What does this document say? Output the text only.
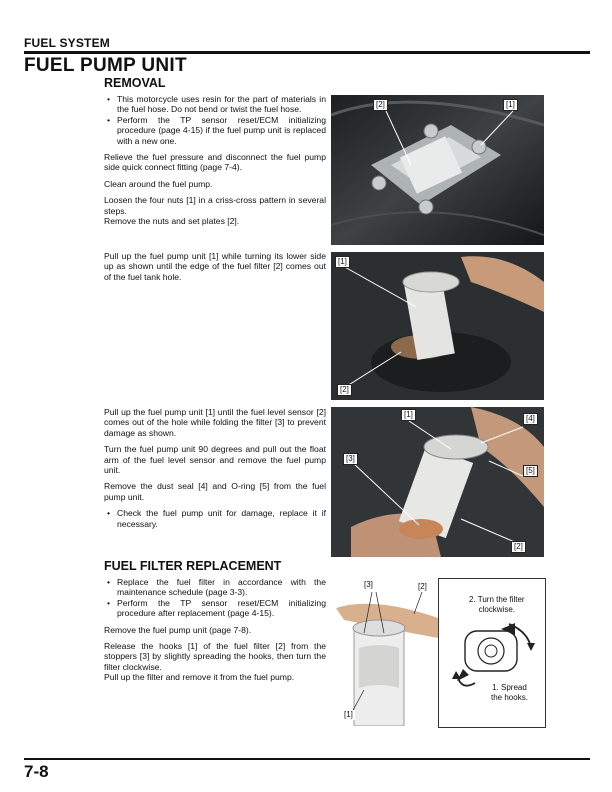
FUEL SYSTEM
FUEL PUMP UNIT
REMOVAL
• This motorcycle uses resin for the part of materials in the fuel hose. Do not bend or twist the fuel hose.
• Perform the TP sensor reset/ECM initializing procedure (page 4-15) if the fuel pump unit is replaced with a new one.

Relieve the fuel pressure and disconnect the fuel pump side quick connect fitting (page 7-4).

Clean around the fuel pump.

Loosen the four nuts [1] in a criss-cross pattern in several steps.

Remove the nuts and set plates [2].

Pull up the fuel pump unit [1] while turning its lower side up as shown until the edge of the fuel filter [2] comes out of the fuel tank hole.

Pull up the fuel pump unit [1] until the fuel level sensor [2] comes out of the hole while folding the filter [3] to prevent damage as shown.

Turn the fuel pump unit 90 degrees and pull out the float arm of the fuel level sensor and remove the fuel pump unit.

Remove the dust seal [4] and O-ring [5] from the fuel pump unit.

• Check the fuel pump unit for damage, replace it if necessary.
FUEL FILTER REPLACEMENT
• Replace the fuel filter in accordance with the maintenance schedule (page 3-3).
• Perform the TP sensor reset/ECM initializing procedure after replacement (page 4-15).

Remove the fuel pump unit (page 7-8).

Release the hooks [1] of the fuel filter [2] from the stoppers [3] by slightly spreading the hooks, then turn the filter clockwise.

Pull up the filter and remove it from the fuel pump.

[2]	[1]
[1]
[2]
[1]	[4]
[3]
[5]
[2]
[3]	[2]
[1]
2. Turn the filter
clockwise.
1. Spread
the hooks.
7-8
